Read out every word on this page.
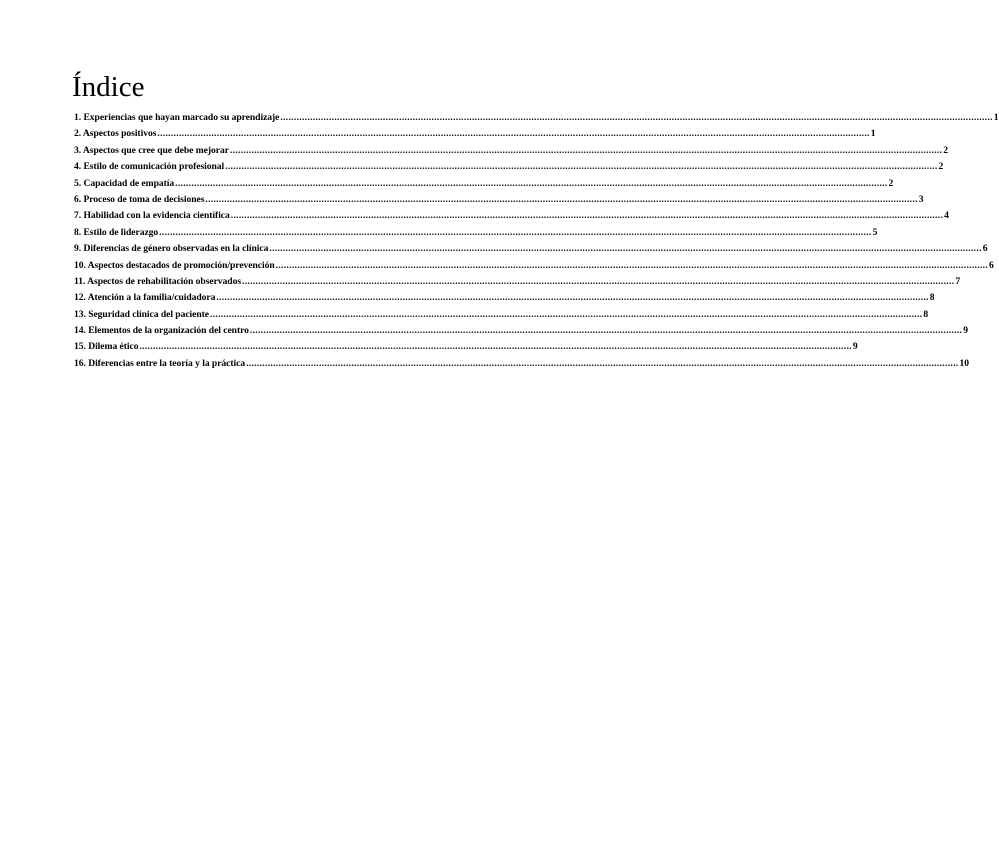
Índice
1. Experiencias que hayan marcado su aprendizaje ........................................................................................................................................................................................................................................................................ 1
2. Aspectos positivos ........................................................................................................................................................................................................................................................................ 1
3. Aspectos que cree que debe mejorar ........................................................................................................................................................................................................................................................................ 2
4. Estilo de comunicación profesional ........................................................................................................................................................................................................................................................................ 2
5. Capacidad de empatía ........................................................................................................................................................................................................................................................................ 2
6. Proceso de toma de decisiones ........................................................................................................................................................................................................................................................................ 3
7. Habilidad con la evidencia científica ........................................................................................................................................................................................................................................................................ 4
8. Estilo de liderazgo ........................................................................................................................................................................................................................................................................ 5
9. Diferencias de género observadas en la clínica ........................................................................................................................................................................................................................................................................ 6
10. Aspectos destacados de promoción/prevención ........................................................................................................................................................................................................................................................................ 6
11. Aspectos de rehabilitación observados ........................................................................................................................................................................................................................................................................ 7
12. Atención a la familia/cuidadora ........................................................................................................................................................................................................................................................................ 8
13. Seguridad clínica del paciente ........................................................................................................................................................................................................................................................................ 8
14. Elementos de la organización del centro ........................................................................................................................................................................................................................................................................ 9
15. Dilema ético ........................................................................................................................................................................................................................................................................ 9
16. Diferencias entre la teoría y la práctica ........................................................................................................................................................................................................................................................................ 10
